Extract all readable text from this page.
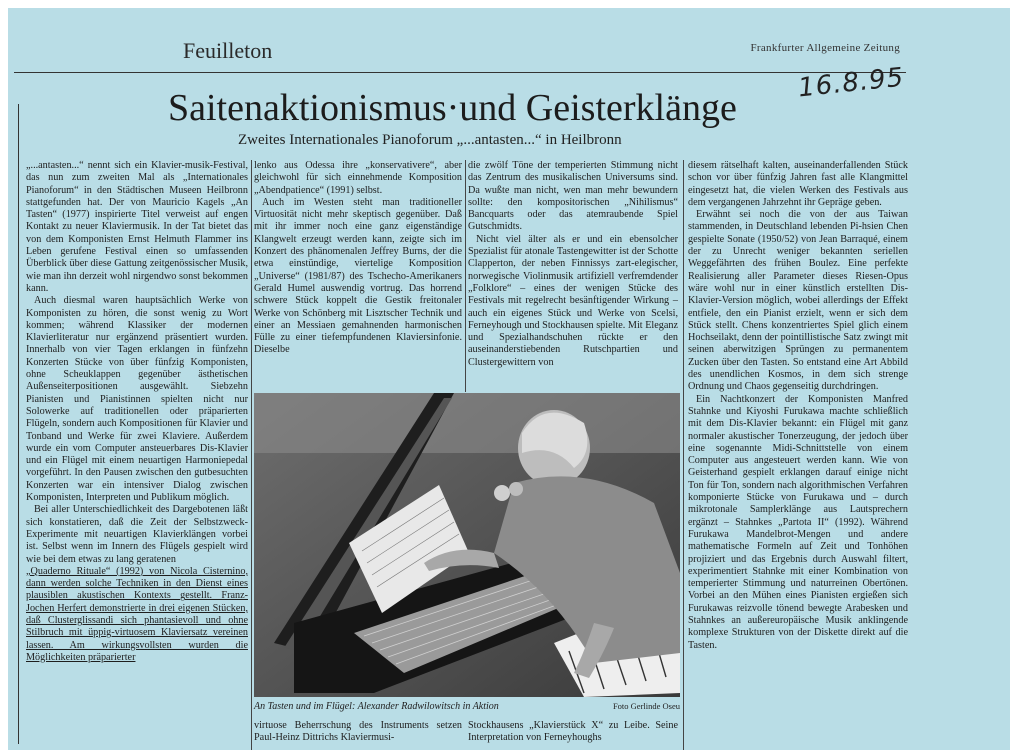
Feuilleton	Frankfurter Allgemeine Zeitung
16.8.95
Saitenaktionismus·und Geisterklänge
Zweites Internationales Pianoforum „...antasten...“ in Heilbronn

„...antasten...“ nennt sich ein Klavier-musik-Festival, das nun zum zweiten Mal als „Internationales Pianoforum“ in den Städtischen Museen Heilbronn stattgefunden hat. Der von Mauricio Kagels „An Tasten“ (1977) inspirierte Titel verweist auf engen Kontakt zu neuer Klaviermusik. In der Tat bietet das von dem Komponisten Ernst Helmuth Flammer ins Leben gerufene Festival einen so umfassenden Überblick über diese Gattung zeitgenössischer Musik, wie man ihn derzeit wohl nirgendwo sonst bekommen kann.

Auch diesmal waren hauptsächlich Werke von Komponisten zu hören, die sonst wenig zu Wort kommen; während Klassiker der modernen Klavierliteratur nur ergänzend präsentiert wurden. Innerhalb von vier Tagen erklangen in fünfzehn Konzerten Stücke von über fünfzig Komponisten, ohne Scheuklappen gegenüber ästhetischen Außenseiterpositionen ausgewählt. Siebzehn Pianisten und Pianistinnen spielten nicht nur Solowerke auf traditionellen oder präparierten Flügeln, sondern auch Kompositionen für Klavier und Tonband und Werke für zwei Klaviere. Außerdem wurde ein vom Computer ansteuerbares Dis-Klavier und ein Flügel mit einem neuartigen Harmoniepedal vorgeführt. In den Pausen zwischen den gutbesuchten Konzerten war ein intensiver Dialog zwischen Komponisten, Interpreten und Publikum möglich.

Bei aller Unterschiedlichkeit des Dargebotenen läßt sich konstatieren, daß die Zeit der Selbstzweck-Experimente mit neuartigen Klavierklängen vorbei ist. Selbst wenn im Innern des Flügels gespielt wird wie bei dem etwas zu lang geratenen

„Quaderno Rituale“ (1992) von Nicola Cisternino, dann werden solche Techniken in den Dienst eines plausiblen akustischen Kontexts gestellt. Franz-Jochen Herfert demonstrierte in drei eigenen Stücken, daß Clusterglissandi sich phantasievoll und ohne Stilbruch mit üppig-virtuosem Klaviersatz vereinen lassen. Am wirkungsvollsten wurden die Möglichkeiten präparierter

lenko aus Odessa ihre „konservativere“, aber gleichwohl für sich einnehmende Komposition „Abendpatience“ (1991) selbst.

Auch im Westen steht man traditioneller Virtuosität nicht mehr skeptisch gegenüber. Daß mit ihr immer noch eine ganz eigenständige Klangwelt erzeugt werden kann, zeigte sich im Konzert des phänomenalen Jeffrey Burns, der die etwa einstündige, viertelige Komposition „Universe“ (1981/87) des Tschecho-Amerikaners Gerald Humel auswendig vortrug. Das horrend schwere Stück koppelt die Gestik freitonaler Werke von Schönberg mit Lisztscher Technik und einer an Messiaen gemahnenden harmonischen Fülle zu einer tiefempfundenen Klaviersinfonie. Dieselbe

die zwölf Töne der temperierten Stimmung nicht das Zentrum des musikalischen Universums sind. Da wußte man nicht, wen man mehr bewundern sollte: den kompositorischen „Nihilismus“ Bancquarts oder das atemraubende Spiel Gutschmidts.

Nicht viel älter als er und ein ebensolcher Spezialist für atonale Tastengewitter ist der Schotte Clapperton, der neben Finnissys zart-elegischer, norwegische Violinmusik artifiziell verfremdender „Folklore“ – eines der wenigen Stücke des Festivals mit regelrecht besänftigender Wirkung – auch ein eigenes Stück und Werke von Scelsi, Ferneyhough und Stockhausen spielte. Mit Eleganz und Spezialhandschuhen rückte er den auseinanderstiebenden Rutschpartien und Clustergewittern von

diesem rätselhaft kalten, auseinanderfallenden Stück schon vor über fünfzig Jahren fast alle Klangmittel eingesetzt hat, die vielen Werken des Festivals aus dem vergangenen Jahrzehnt ihr Gepräge geben.

Erwähnt sei noch die von der aus Taiwan stammenden, in Deutschland lebenden Pi-hsien Chen gespielte Sonate (1950/52) von Jean Barraqué, einem der zu Unrecht weniger bekannten seriellen Weggefährten des frühen Boulez. Eine perfekte Realisierung aller Parameter dieses Riesen-Opus wäre wohl nur in einer künstlich erstellten Dis-Klavier-Version möglich, wobei allerdings der Effekt entfiele, den ein Pianist erzielt, wenn er sich dem Stück stellt. Chens konzentriertes Spiel glich einem Hochseilakt, denn der pointillistische Satz zwingt mit seinen aberwitzigen Sprüngen zu permanentem Zucken über den Tasten. So entstand eine Art Abbild des unendlichen Kosmos, in dem sich strenge Ordnung und Chaos gegenseitig durchdringen.

Ein Nachtkonzert der Komponisten Manfred Stahnke und Kiyoshi Furukawa machte schließlich mit dem Dis-Klavier bekannt: ein Flügel mit ganz normaler akustischer Tonerzeugung, der jedoch über eine sogenannte Midi-Schnittstelle von einem Computer aus angesteuert werden kann. Wie von Geisterhand gespielt erklangen darauf einige nicht Ton für Ton, sondern nach algorithmischen Verfahren komponierte Stücke von Furukawa und – durch mikrotonale Samplerklänge aus Lautsprechern ergänzt – Stahnkes „Partota II“ (1992). Während Furukawa Mandelbrot-Mengen und andere mathematische Formeln auf Zeit und Tonhöhen projiziert und das Ergebnis durch Auswahl filtert, experimentiert Stahnke mit einer Kombination von temperierter Stimmung und naturreinen Obertönen. Vorbei an den Mühen eines Pianisten ergießen sich Furukawas reizvolle tönend bewegte Arabesken und Stahnkes an außereuropäische Musik anklingende komplexe Strukturen von der Diskette direkt auf die Tasten.

An Tasten und im Flügel: Alexander Radwilowitsch in Aktion	Foto Gerlinde Oseu

virtuose Beherrschung des Instruments setzen Paul-Heinz Dittrichs Klaviermusi-

Stockhausens „Klavierstück X“ zu Leibe. Seine Interpretation von Ferneyhoughs
